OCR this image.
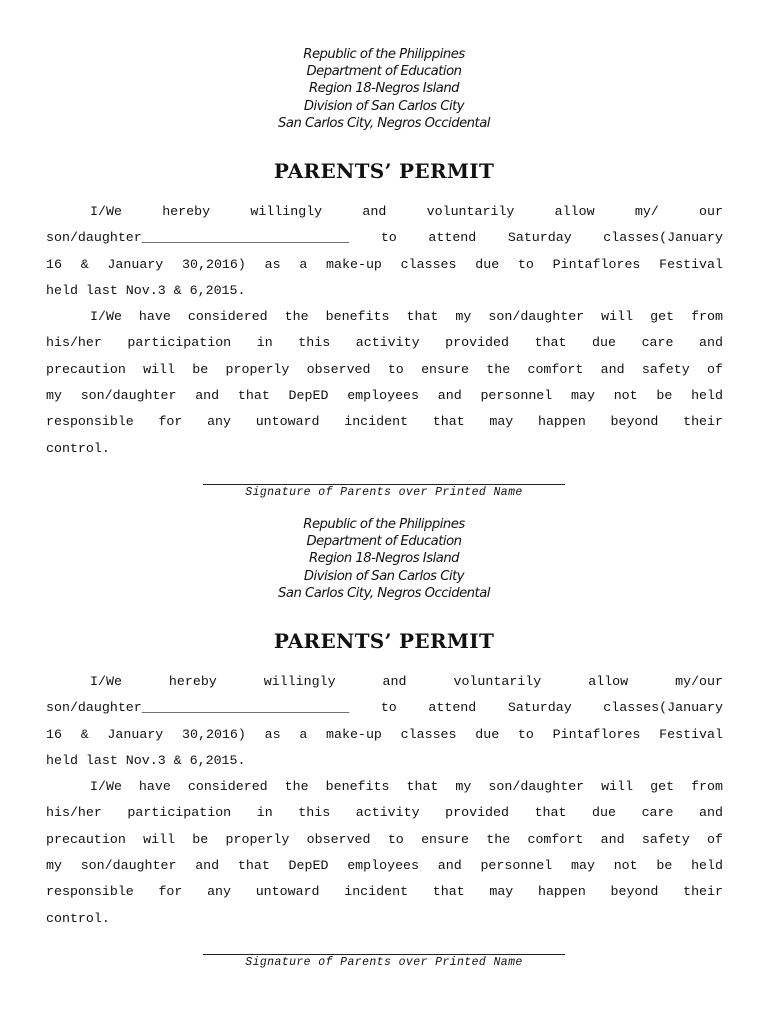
Republic of the Philippines
Department of Education
Region 18-Negros Island
Division of San Carlos City
San Carlos City, Negros Occidental
PARENTS’ PERMIT
I/We hereby willingly and voluntarily allow my/ our
son/daughter__________________________ to attend Saturday classes(January
16 & January 30,2016) as a make-up classes due to Pintaflores Festival
held last Nov.3 & 6,2015.
I/We have considered the benefits that my son/daughter will get from
his/her participation in this activity provided that due care and
precaution will be properly observed to ensure the comfort and safety of
my son/daughter and that DepED employees and personnel may not be held
responsible for any untoward incident that may happen beyond their
control.
Signature of Parents over Printed Name
Republic of the Philippines
Department of Education
Region 18-Negros Island
Division of San Carlos City
San Carlos City, Negros Occidental
PARENTS’ PERMIT
I/We hereby willingly and voluntarily allow my/our
son/daughter__________________________ to attend Saturday classes(January
16 & January 30,2016) as a make-up classes due to Pintaflores Festival
held last Nov.3 & 6,2015.
I/We have considered the benefits that my son/daughter will get from
his/her participation in this activity provided that due care and
precaution will be properly observed to ensure the comfort and safety of
my son/daughter and that DepED employees and personnel may not be held
responsible for any untoward incident that may happen beyond their
control.
Signature of Parents over Printed Name
